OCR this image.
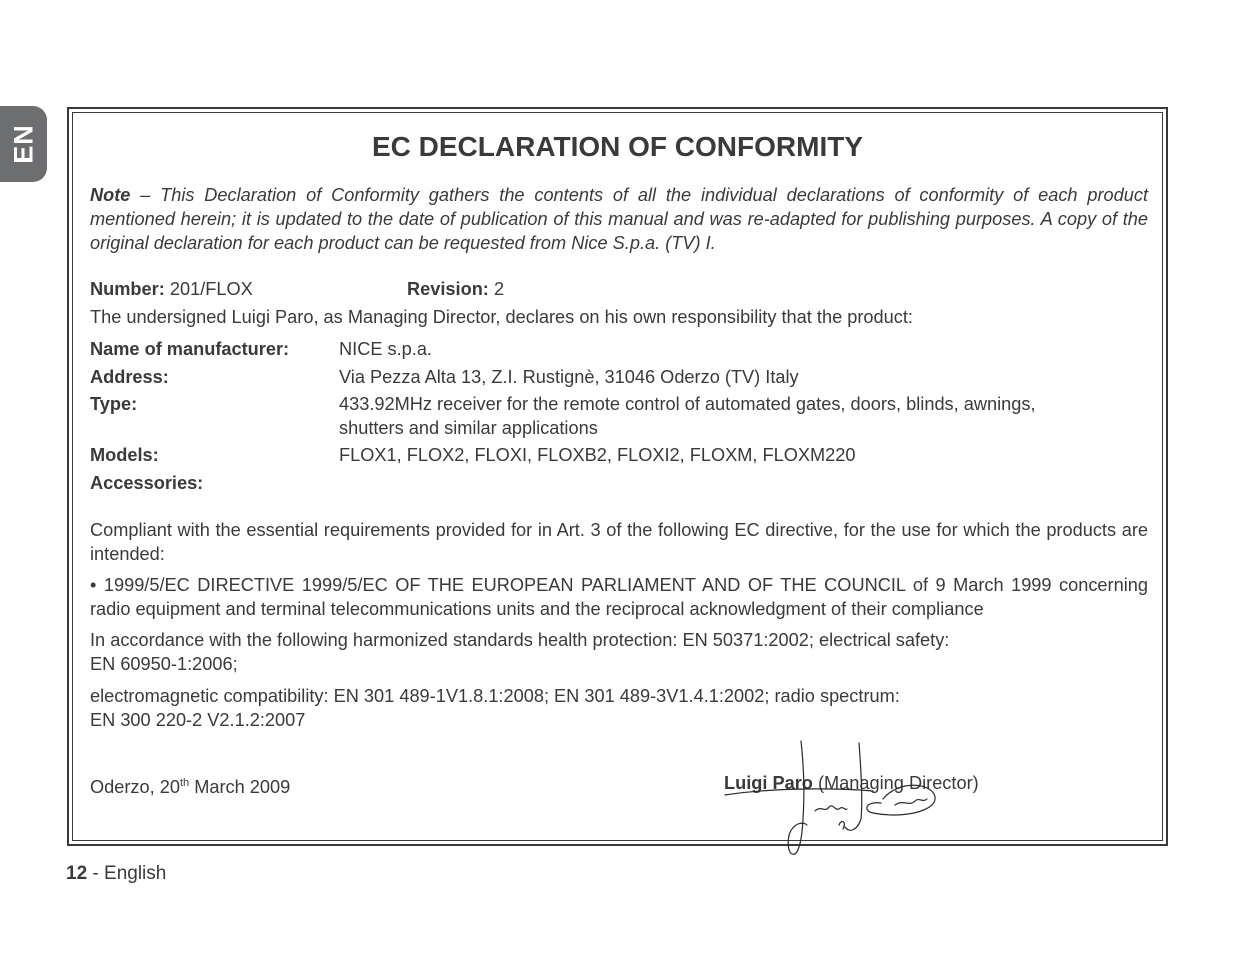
EN	EC DECLARATION OF CONFORMITY

Note – This Declaration of Conformity gathers the contents of all the individual declarations of conformity of each product mentioned herein; it is updated to the date of publication of this manual and was re-adapted for publishing purposes. A copy of the original declaration for each product can be requested from Nice S.p.a. (TV) I.

Number: 201/FLOX	Revision: 2

The undersigned Luigi Paro, as Managing Director, declares on his own responsibility that the product:

Name of manufacturer:	NICE s.p.a.

Address:	Via Pezza Alta 13, Z.I. Rustignè, 31046 Oderzo (TV) Italy

Type:	433.92MHz receiver for the remote control of automated gates, doors, blinds, awnings,

shutters and similar applications

Models:	FLOX1, FLOX2, FLOXI, FLOXB2, FLOXI2, FLOXM, FLOXM220

Accessories:

Compliant with the essential requirements provided for in Art. 3 of the following EC directive, for the use for which the products are intended:

• 1999/5/EC DIRECTIVE 1999/5/EC OF THE EUROPEAN PARLIAMENT AND OF THE COUNCIL of 9 March 1999 concerning radio equipment and terminal telecommunications units and the reciprocal acknowledgment of their compliance

In accordance with the following harmonized standards health protection: EN 50371:2002; electrical safety:

EN 60950-1:2006;

electromagnetic compatibility: EN 301 489-1V1.8.1:2008; EN 301 489-3V1.4.1:2002; radio spectrum:

EN 300 220-2 V2.1.2:2007

Oderzo, 20th March 2009	Luigi Paro (Managing Director)

12 - English
